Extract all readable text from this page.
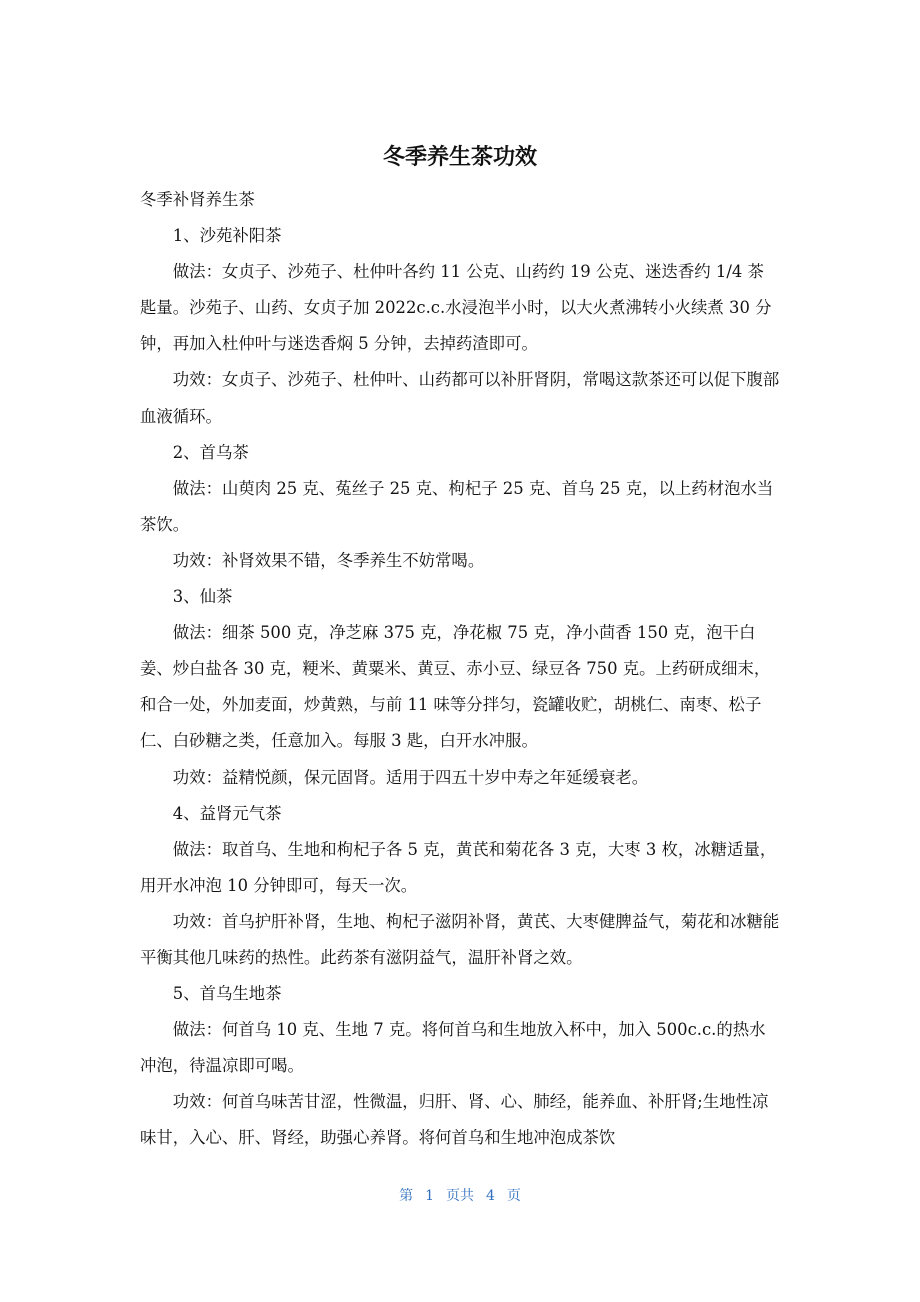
冬季养生茶功效

冬季补肾养生茶

1、沙苑补阳茶

做法：女贞子、沙苑子、杜仲叶各约 11 公克、山药约 19 公克、迷迭香约 1/4 茶匙量。沙苑子、山药、女贞子加 2022c.c.水浸泡半小时，以大火煮沸转小火续煮 30 分钟，再加入杜仲叶与迷迭香焖 5 分钟，去掉药渣即可。

功效：女贞子、沙苑子、杜仲叶、山药都可以补肝肾阴，常喝这款茶还可以促下腹部血液循环。

2、首乌茶

做法：山萸肉 25 克、菟丝子 25 克、枸杞子 25 克、首乌 25 克，以上药材泡水当茶饮。

功效：补肾效果不错，冬季养生不妨常喝。

3、仙茶

做法：细茶 500 克，净芝麻 375 克，净花椒 75 克，净小茴香 150 克，泡干白姜、炒白盐各 30 克，粳米、黄粟米、黄豆、赤小豆、绿豆各 750 克。上药研成细末，和合一处，外加麦面，炒黄熟，与前 11 味等分拌匀，瓷罐收贮，胡桃仁、南枣、松子仁、白砂糖之类，任意加入。每服 3 匙，白开水冲服。

功效：益精悦颜，保元固肾。适用于四五十岁中寿之年延缓衰老。

4、益肾元气茶

做法：取首乌、生地和枸杞子各 5 克，黄芪和菊花各 3 克，大枣 3 枚，冰糖适量，用开水冲泡 10 分钟即可，每天一次。

功效：首乌护肝补肾，生地、枸杞子滋阴补肾，黄芪、大枣健脾益气，菊花和冰糖能平衡其他几味药的热性。此药茶有滋阴益气，温肝补肾之效。

5、首乌生地茶

做法：何首乌 10 克、生地 7 克。将何首乌和生地放入杯中，加入 500c.c.的热水冲泡，待温凉即可喝。

功效：何首乌味苦甘涩，性微温，归肝、肾、心、肺经，能养血、补肝肾;生地性凉味甘，入心、肝、肾经，助强心养肾。将何首乌和生地冲泡成茶饮

第 1 页共 4 页
